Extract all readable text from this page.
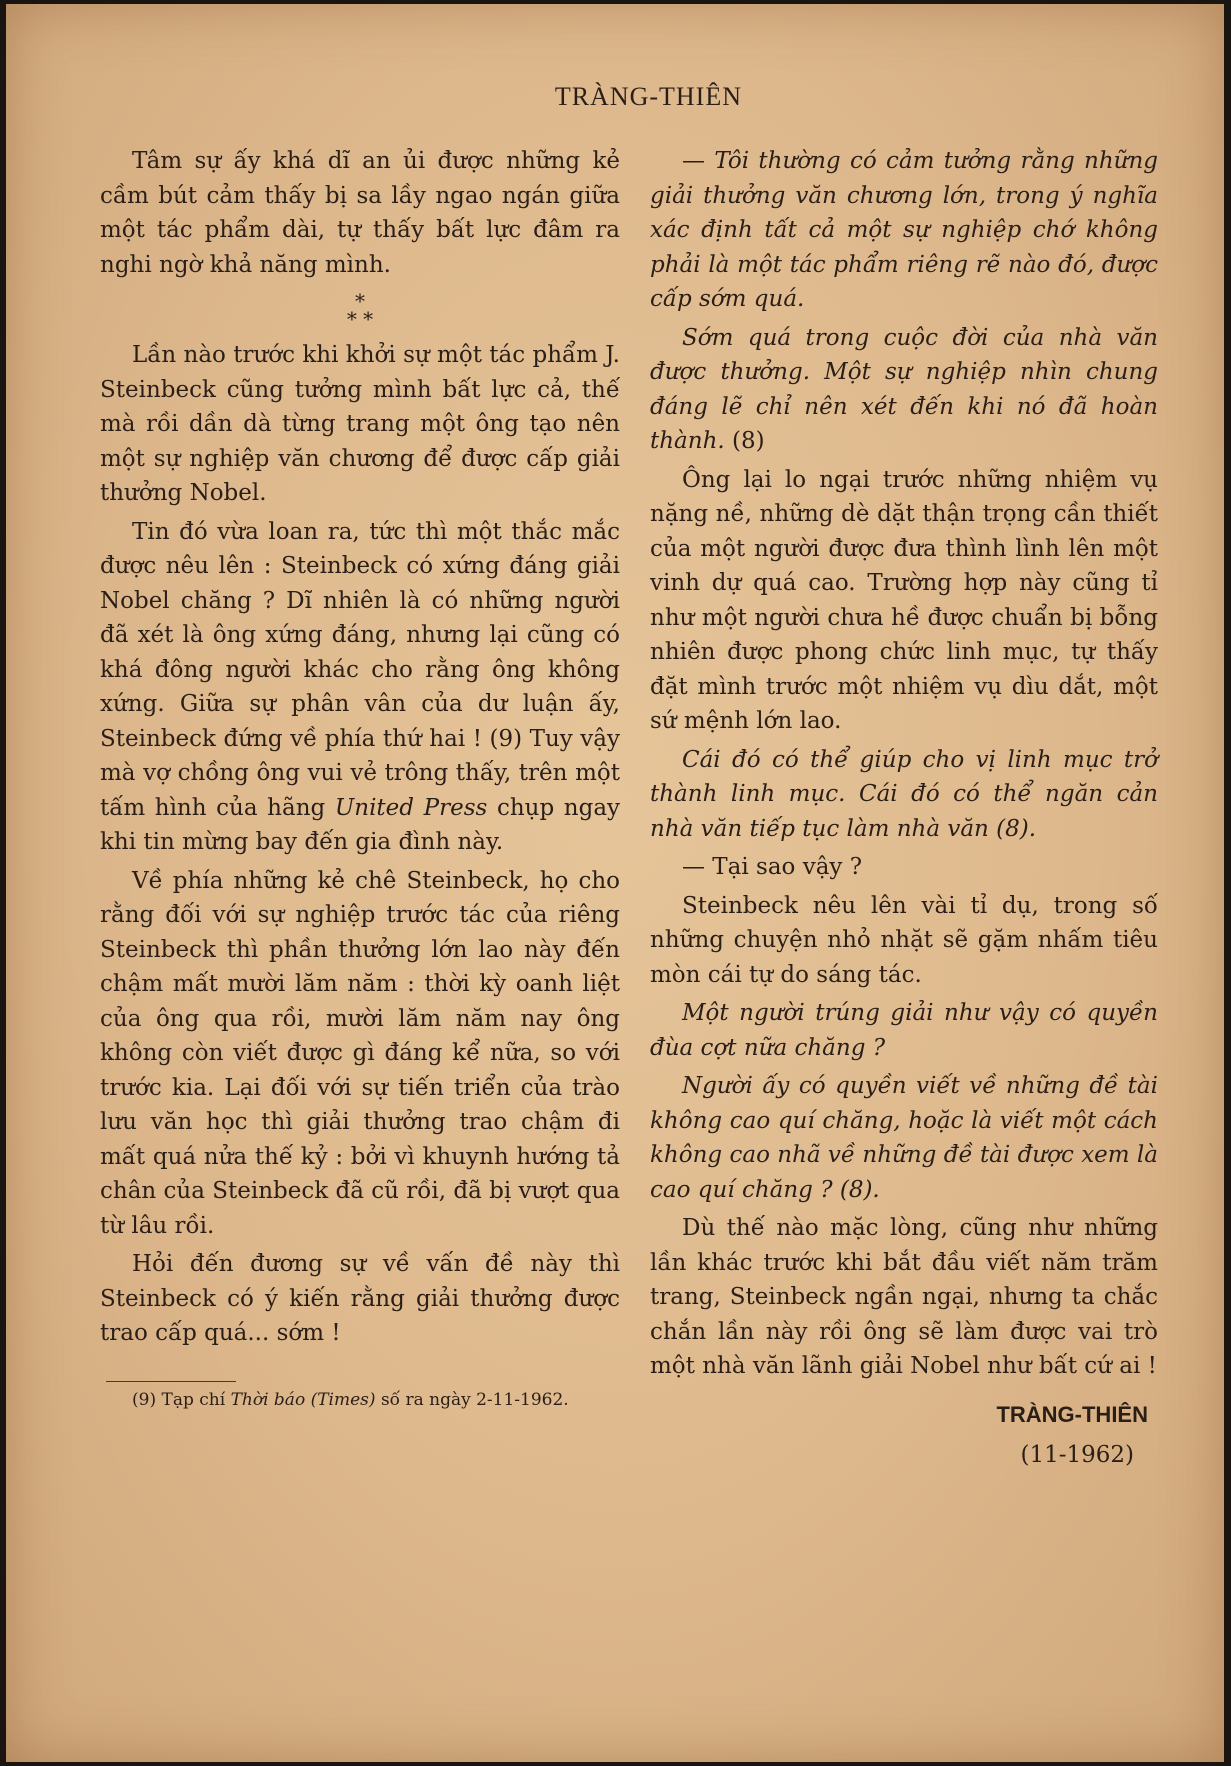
TRÀNG-THIÊN

Tâm sự ấy khá dĩ an ủi được những kẻ cầm bút cảm thấy bị sa lầy ngao ngán giữa một tác phẩm dài, tự thấy bất lực đâm ra nghi ngờ khả năng mình.

*
* *

Lần nào trước khi khởi sự một tác phẩm J. Steinbeck cũng tưởng mình bất lực cả, thế mà rồi dần dà từng trang một ông tạo nên một sự nghiệp văn chương để được cấp giải thưởng Nobel.

Tin đó vừa loan ra, tức thì một thắc mắc được nêu lên : Steinbeck có xứng đáng giải Nobel chăng ? Dĩ nhiên là có những người đã xét là ông xứng đáng, nhưng lại cũng có khá đông người khác cho rằng ông không xứng. Giữa sự phân vân của dư luận ấy, Steinbeck đứng về phía thứ hai ! (9) Tuy vậy mà vợ chồng ông vui vẻ trông thấy, trên một tấm hình của hãng United Press chụp ngay khi tin mừng bay đến gia đình này.

Về phía những kẻ chê Steinbeck, họ cho rằng đối với sự nghiệp trước tác của riêng Steinbeck thì phần thưởng lớn lao này đến chậm mất mười lăm năm : thời kỳ oanh liệt của ông qua rồi, mười lăm năm nay ông không còn viết được gì đáng kể nữa, so với trước kia. Lại đối với sự tiến triển của trào lưu văn học thì giải thưởng trao chậm đi mất quá nửa thế kỷ : bởi vì khuynh hướng tả chân của Steinbeck đã cũ rồi, đã bị vượt qua từ lâu rồi.

Hỏi đến đương sự về vấn đề này thì Steinbeck có ý kiến rằng giải thưởng được trao cấp quá... sớm !

(9) Tạp chí Thời báo (Times) số ra ngày 2-11-1962.

— Tôi thường có cảm tưởng rằng những giải thưởng văn chương lớn, trong ý nghĩa xác định tất cả một sự nghiệp chớ không phải là một tác phẩm riêng rẽ nào đó, được cấp sớm quá.

Sớm quá trong cuộc đời của nhà văn được thưởng. Một sự nghiệp nhìn chung đáng lẽ chỉ nên xét đến khi nó đã hoàn thành. (8)

Ông lại lo ngại trước những nhiệm vụ nặng nề, những dè dặt thận trọng cần thiết của một người được đưa thình lình lên một vinh dự quá cao. Trường hợp này cũng tỉ như một người chưa hề được chuẩn bị bỗng nhiên được phong chức linh mục, tự thấy đặt mình trước một nhiệm vụ dìu dắt, một sứ mệnh lớn lao.

Cái đó có thể giúp cho vị linh mục trở thành linh mục. Cái đó có thể ngăn cản nhà văn tiếp tục làm nhà văn (8).

— Tại sao vậy ?

Steinbeck nêu lên vài tỉ dụ, trong số những chuyện nhỏ nhặt sẽ gặm nhấm tiêu mòn cái tự do sáng tác.

Một người trúng giải như vậy có quyền đùa cợt nữa chăng ?

Người ấy có quyền viết về những đề tài không cao quí chăng, hoặc là viết một cách không cao nhã về những đề tài được xem là cao quí chăng ? (8).

Dù thế nào mặc lòng, cũng như những lần khác trước khi bắt đầu viết năm trăm trang, Steinbeck ngần ngại, nhưng ta chắc chắn lần này rồi ông sẽ làm được vai trò một nhà văn lãnh giải Nobel như bất cứ ai !

TRÀNG-THIÊN
(11-1962)
